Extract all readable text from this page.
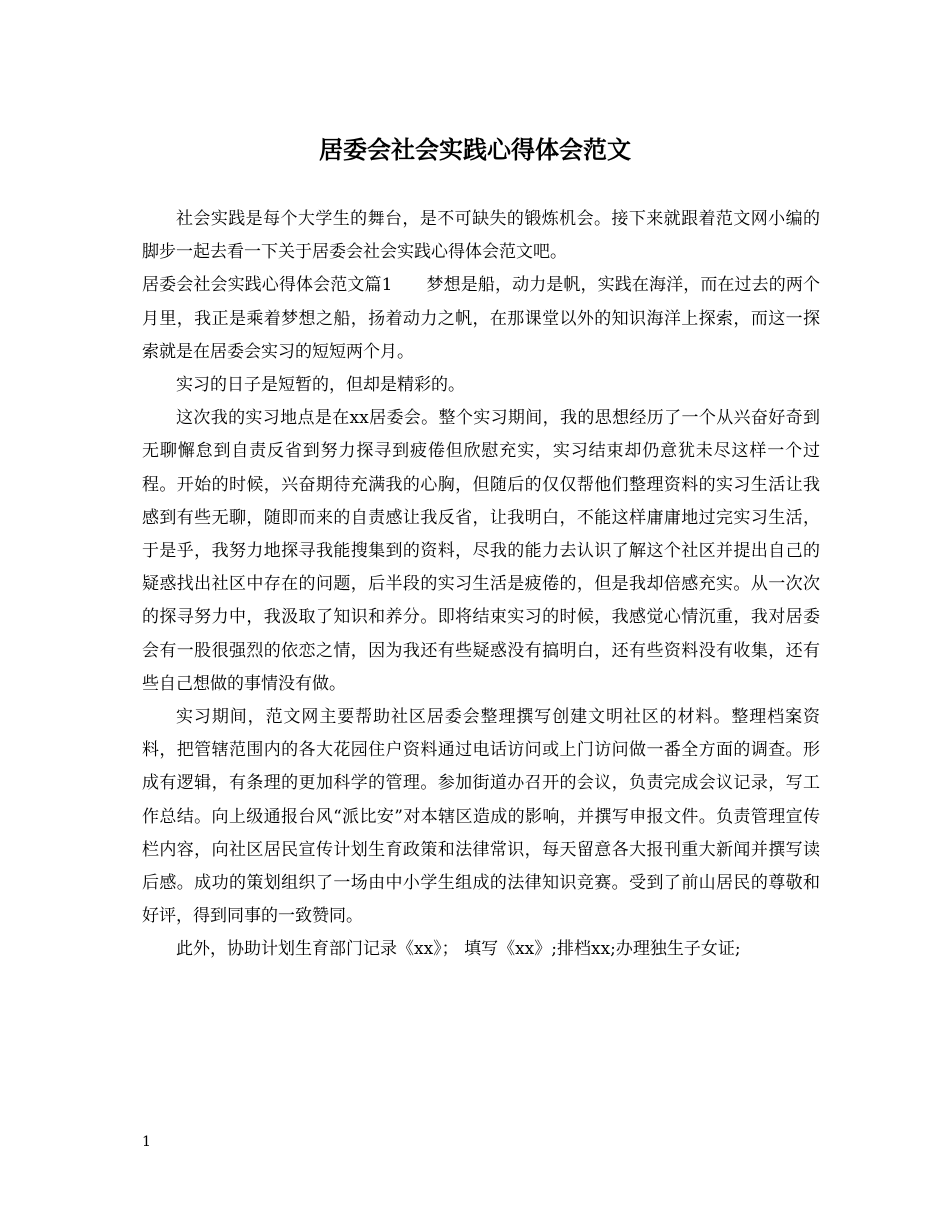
居委会社会实践心得体会范文

社会实践是每个大学生的舞台，是不可缺失的锻炼机会。接下来就跟着范文网小编的脚步一起去看一下关于居委会社会实践心得体会范文吧。

居委会社会实践心得体会范文篇1 梦想是船，动力是帆，实践在海洋，而在过去的两个月里，我正是乘着梦想之船，扬着动力之帆，在那课堂以外的知识海洋上探索，而这一探索就是在居委会实习的短短两个月。

实习的日子是短暂的，但却是精彩的。

这次我的实习地点是在xx居委会。整个实习期间，我的思想经历了一个从兴奋好奇到无聊懈怠到自责反省到努力探寻到疲倦但欣慰充实，实习结束却仍意犹未尽这样一个过程。开始的时候，兴奋期待充满我的心胸，但随后的仅仅帮他们整理资料的实习生活让我感到有些无聊，随即而来的自责感让我反省，让我明白，不能这样庸庸地过完实习生活，于是乎，我努力地探寻我能搜集到的资料，尽我的能力去认识了解这个社区并提出自己的疑惑找出社区中存在的问题，后半段的实习生活是疲倦的，但是我却倍感充实。从一次次的探寻努力中，我汲取了知识和养分。即将结束实习的时候，我感觉心情沉重，我对居委会有一股很强烈的依恋之情，因为我还有些疑惑没有搞明白，还有些资料没有收集，还有些自己想做的事情没有做。

实习期间，范文网主要帮助社区居委会整理撰写创建文明社区的材料。整理档案资料，把管辖范围内的各大花园住户资料通过电话访问或上门访问做一番全方面的调查。形成有逻辑，有条理的更加科学的管理。参加街道办召开的会议，负责完成会议记录，写工作总结。向上级通报台风“派比安”对本辖区造成的影响，并撰写申报文件。负责管理宣传栏内容，向社区居民宣传计划生育政策和法律常识，每天留意各大报刊重大新闻并撰写读后感。成功的策划组织了一场由中小学生组成的法律知识竞赛。受到了前山居民的尊敬和好评，得到同事的一致赞同。

此外，协助计划生育部门记录《xx》； 填写《xx》;排档xx;办理独生子女证;

1
